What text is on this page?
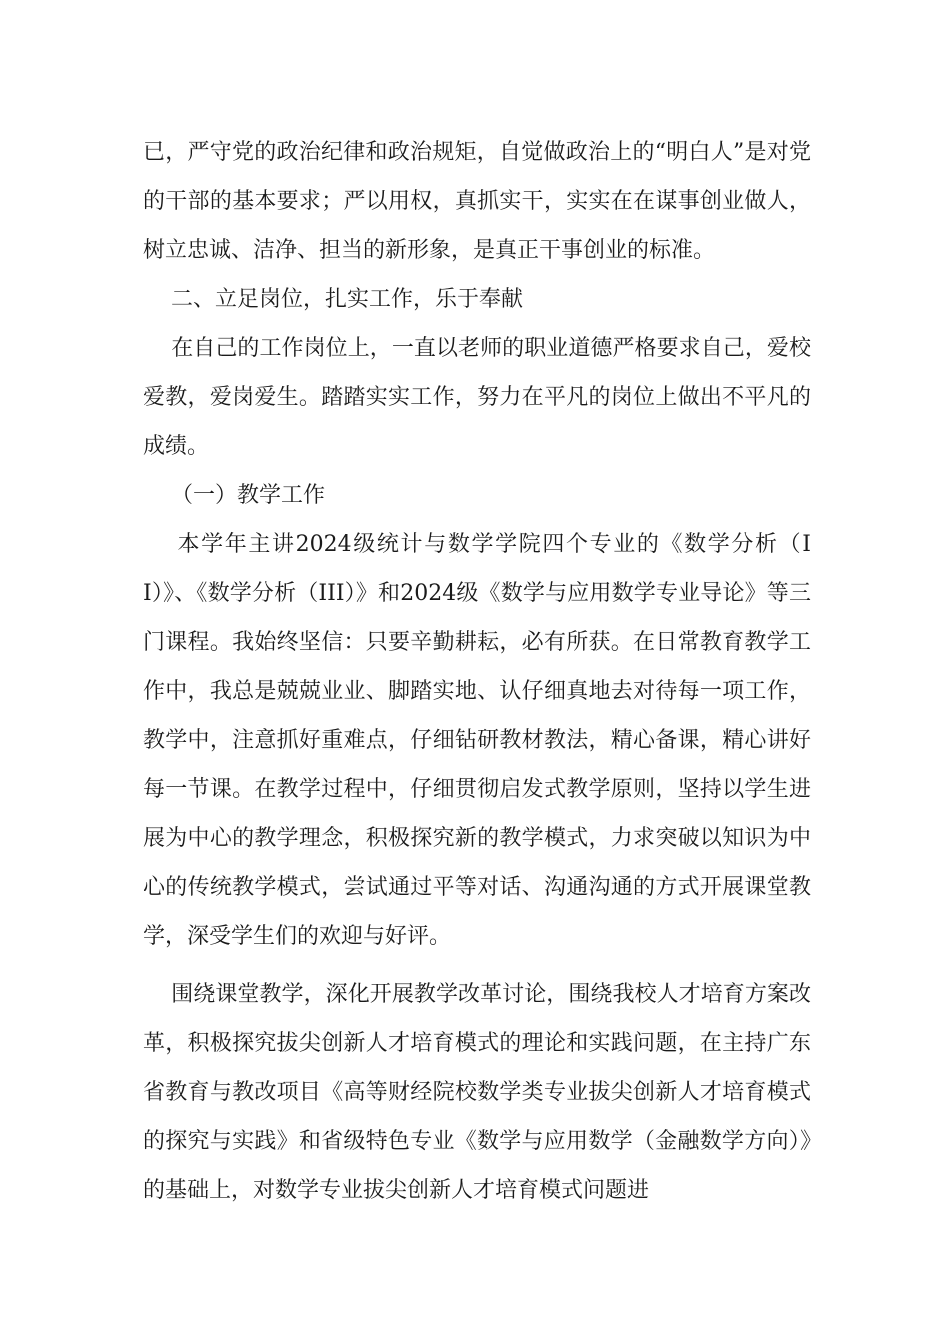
已，严守党的政治纪律和政治规矩，自觉做政治上的“明白人”是对党的干部的基本要求；严以用权，真抓实干，实实在在谋事创业做人，树立忠诚、洁净、担当的新形象，是真正干事创业的标准。

二、立足岗位，扎实工作，乐于奉献

在自己的工作岗位上，一直以老师的职业道德严格要求自己，爱校爱教，爱岗爱生。踏踏实实工作，努力在平凡的岗位上做出不平凡的成绩。

（一）教学工作

本学年主讲2024级统计与数学学院四个专业的《数学分析（II）》、《数学分析（III）》和2024级《数学与应用数学专业导论》等三门课程。我始终坚信：只要辛勤耕耘，必有所获。在日常教育教学工作中，我总是兢兢业业、脚踏实地、认仔细真地去对待每一项工作，教学中，注意抓好重难点，仔细钻研教材教法，精心备课，精心讲好每一节课。在教学过程中，仔细贯彻启发式教学原则，坚持以学生进展为中心的教学理念，积极探究新的教学模式，力求突破以知识为中心的传统教学模式，尝试通过平等对话、沟通沟通的方式开展课堂教学，深受学生们的欢迎与好评。

围绕课堂教学，深化开展教学改革讨论，围绕我校人才培育方案改革，积极探究拔尖创新人才培育模式的理论和实践问题，在主持广东省教育与教改项目《高等财经院校数学类专业拔尖创新人才培育模式的探究与实践》和省级特色专业《数学与应用数学（金融数学方向）》的基础上，对数学专业拔尖创新人才培育模式问题进
